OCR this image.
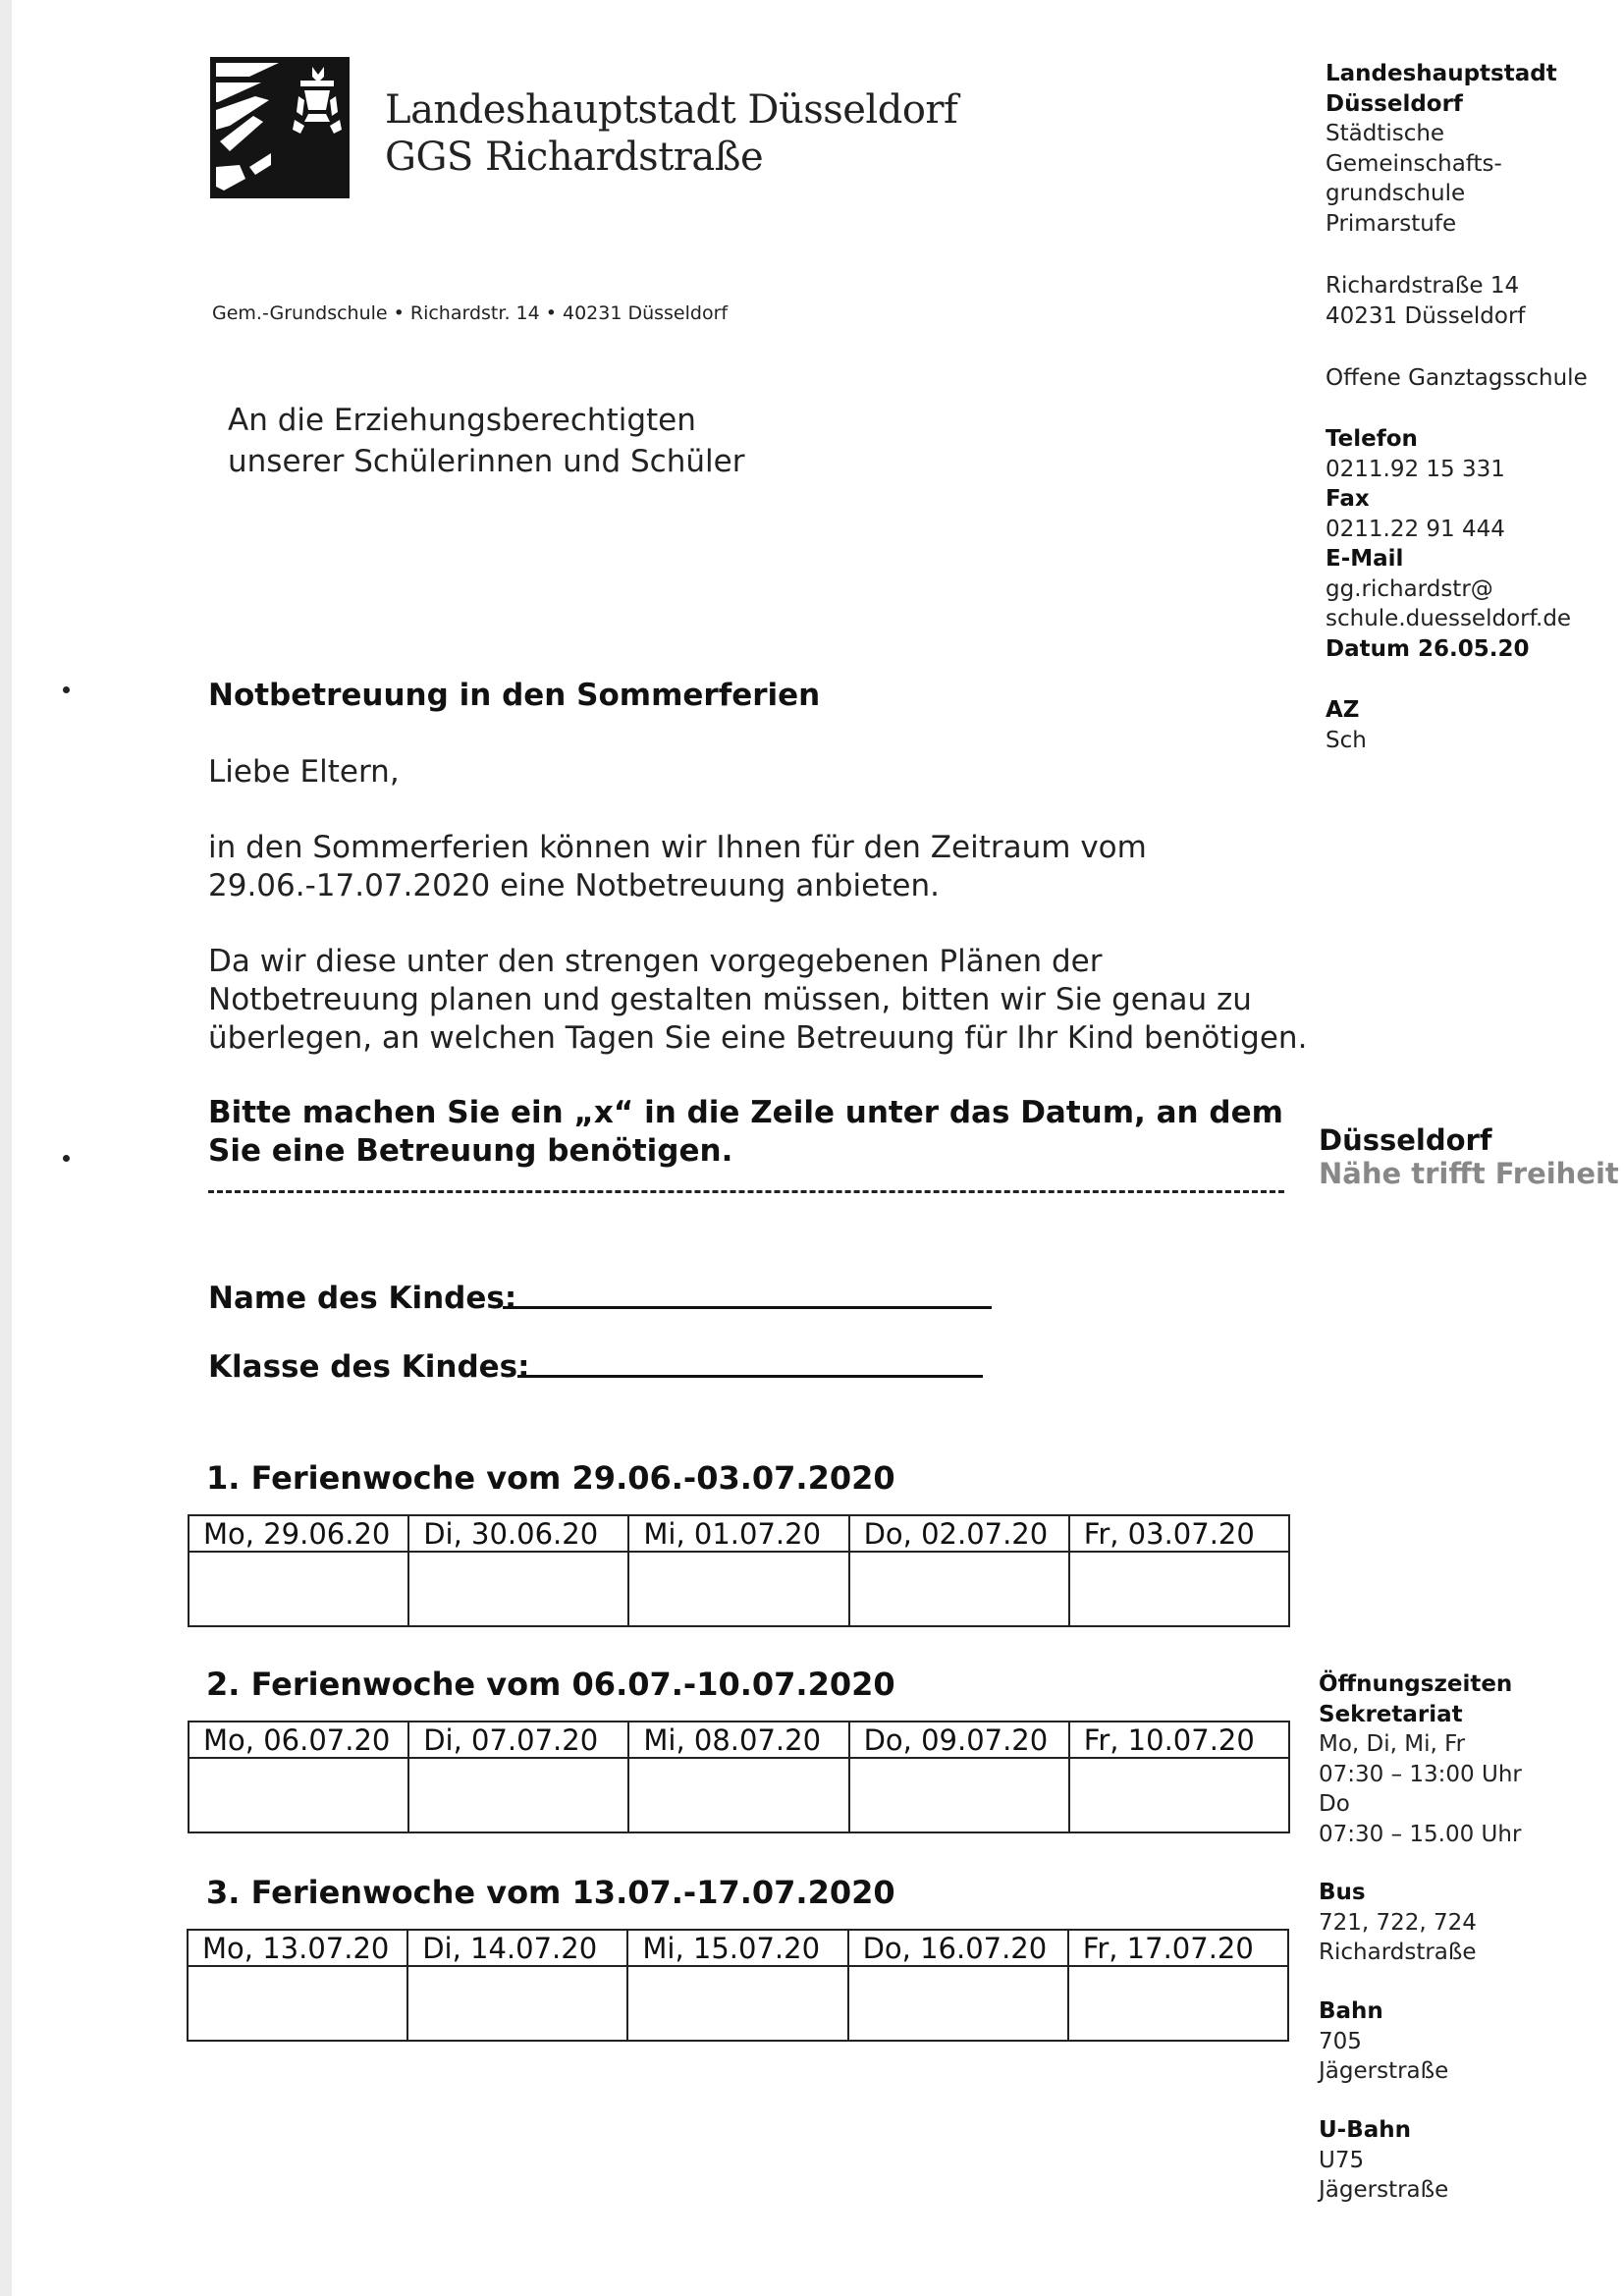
Landeshauptstadt Düsseldorf
GGS Richardstraße
Gem.-Grundschule • Richardstr. 14 • 40231 Düsseldorf
An die Erziehungsberechtigten
unserer Schülerinnen und Schüler
Notbetreuung in den Sommerferien
Liebe Eltern,
in den Sommerferien können wir Ihnen für den Zeitraum vom 29.06.-17.07.2020 eine Notbetreuung anbieten.
Da wir diese unter den strengen vorgegebenen Plänen der Notbetreuung planen und gestalten müssen, bitten wir Sie genau zu überlegen, an welchen Tagen Sie eine Betreuung für Ihr Kind benötigen.
Bitte machen Sie ein „x“ in die Zeile unter das Datum, an dem Sie eine Betreuung benötigen.
Name des Kindes:
Klasse des Kindes:
1. Ferienwoche vom 29.06.-03.07.2020
Mo, 29.06.20	Di, 30.06.20	Mi, 01.07.20	Do, 02.07.20	Fr, 03.07.20

2. Ferienwoche vom 06.07.-10.07.2020
Mo, 06.07.20	Di, 07.07.20	Mi, 08.07.20	Do, 09.07.20	Fr, 10.07.20

3. Ferienwoche vom 13.07.-17.07.2020
Mo, 13.07.20	Di, 14.07.20	Mi, 15.07.20	Do, 16.07.20	Fr, 17.07.20

Landeshauptstadt
Düsseldorf
Städtische
Gemeinschafts-
grundschule
Primarstufe
Richardstraße 14
40231 Düsseldorf
Offene Ganztagsschule
Telefon
0211.92 15 331
Fax
0211.22 91 444
E-Mail
gg.richardstr@
schule.duesseldorf.de
Datum 26.05.20
AZ
Sch
Düsseldorf
Nähe trifft Freiheit
Öffnungszeiten
Sekretariat
Mo, Di, Mi, Fr
07:30 – 13:00 Uhr
Do
07:30 – 15.00 Uhr
Bus
721, 722, 724
Richardstraße
Bahn
705
Jägerstraße
U-Bahn
U75
Jägerstraße
